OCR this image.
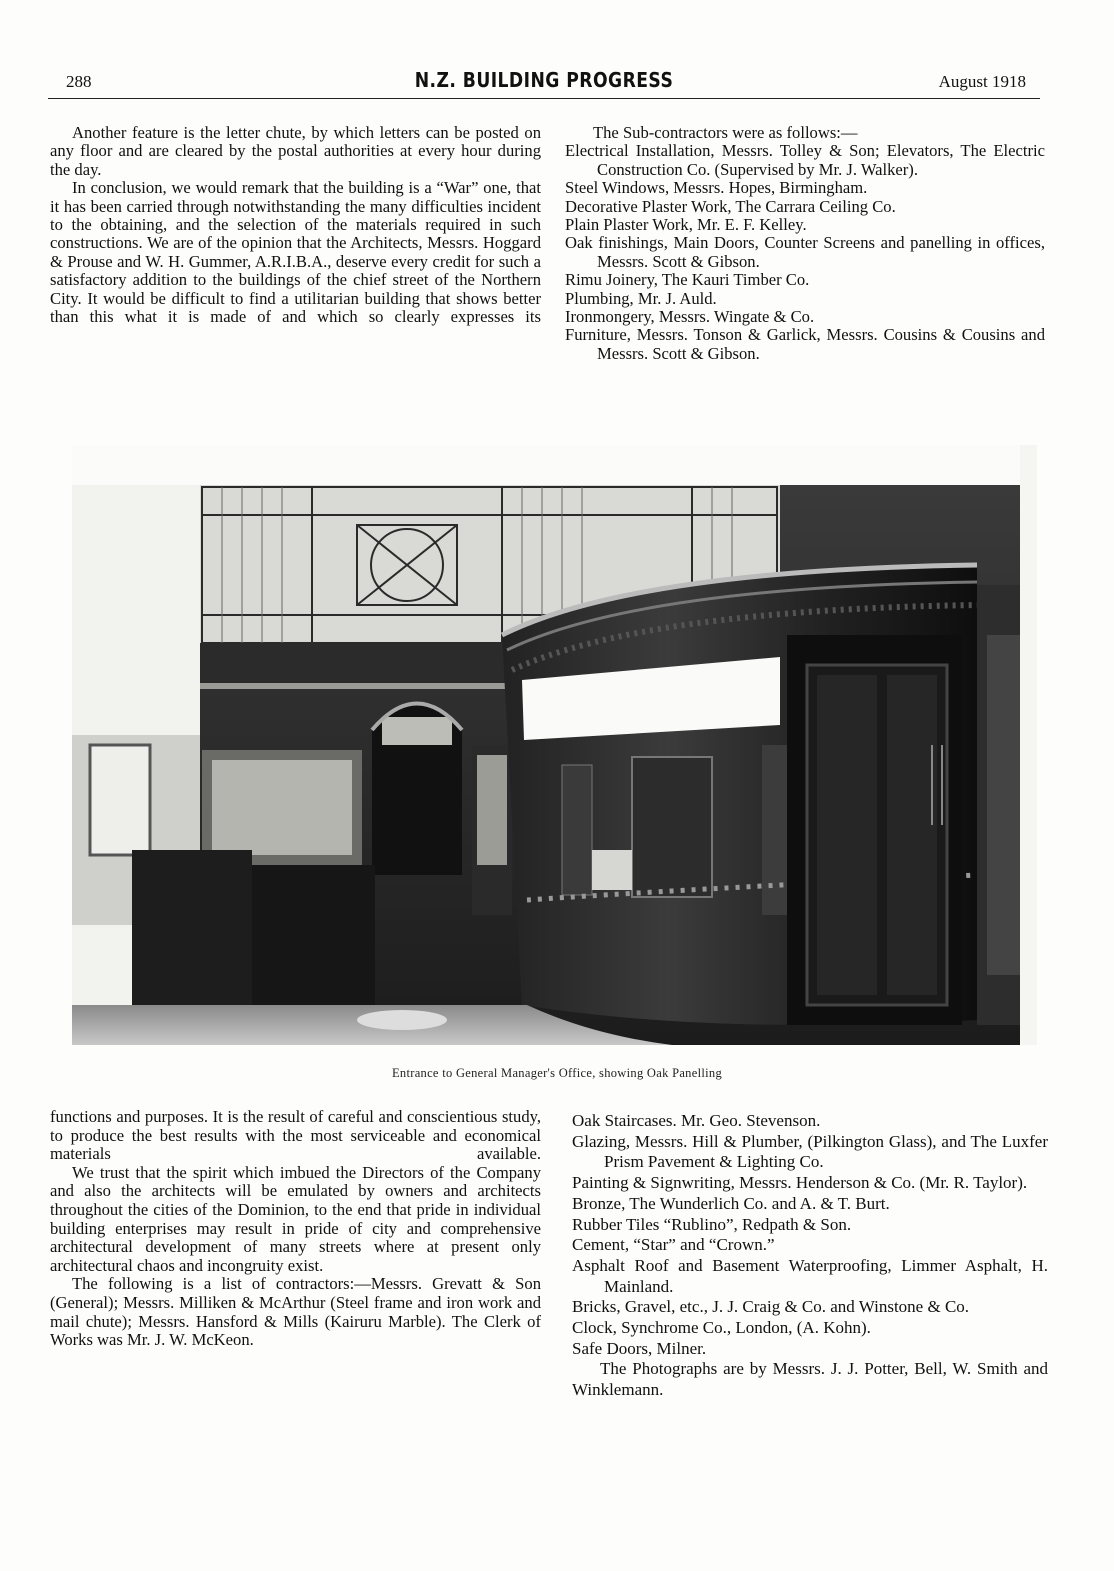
288	N.Z. BUILDING PROGRESS	August 1918

Another feature is the letter chute, by which letters can be posted on any floor and are cleared by the postal authorities at every hour during the day.

In conclusion, we would remark that the building is a “War” one, that it has been carried through notwithstanding the many difficulties incident to the obtaining, and the selection of the materials required in such constructions. We are of the opinion that the Architects, Messrs. Hoggard & Prouse and W. H. Gummer, A.R.I.B.A., deserve every credit for such a satisfactory addition to the buildings of the chief street of the Northern City. It would be difficult to find a utilitarian building that shows better than this what it is made of and which so clearly expresses its

The Sub-contractors were as follows:—

Electrical Installation, Messrs. Tolley & Son; Elevators, The Electric Construction Co. (Supervised by Mr. J. Walker).

Steel Windows, Messrs. Hopes, Birmingham.

Decorative Plaster Work, The Carrara Ceiling Co.

Plain Plaster Work, Mr. E. F. Kelley.

Oak finishings, Main Doors, Counter Screens and panelling in offices, Messrs. Scott & Gibson.

Rimu Joinery, The Kauri Timber Co.

Plumbing, Mr. J. Auld.

Ironmongery, Messrs. Wingate & Co.

Furniture, Messrs. Tonson & Garlick, Messrs. Cousins & Cousins and Messrs. Scott & Gibson.

Entrance to General Manager's Office, showing Oak Panelling

functions and purposes. It is the result of careful and conscientious study, to produce the best results with the most serviceable and economical materials available.

We trust that the spirit which imbued the Directors of the Company and also the architects will be emulated by owners and architects throughout the cities of the Dominion, to the end that pride in individual building enterprises may result in pride of city and comprehensive architectural development of many streets where at present only architectural chaos and incongruity exist.

The following is a list of contractors:—Messrs. Grevatt & Son (General); Messrs. Milliken & McArthur (Steel frame and iron work and mail chute); Messrs. Hansford & Mills (Kairuru Marble). The Clerk of Works was Mr. J. W. McKeon.

Oak Staircases. Mr. Geo. Stevenson.

Glazing, Messrs. Hill & Plumber, (Pilkington Glass), and The Luxfer Prism Pavement & Lighting Co.

Painting & Signwriting, Messrs. Henderson & Co. (Mr. R. Taylor).

Bronze, The Wunderlich Co. and A. & T. Burt.

Rubber Tiles “Rublino”, Redpath & Son.

Cement, “Star” and “Crown.”

Asphalt Roof and Basement Waterproofing, Limmer Asphalt, H. Mainland.

Bricks, Gravel, etc., J. J. Craig & Co. and Winstone & Co.

Clock, Synchrome Co., London, (A. Kohn).

Safe Doors, Milner.

The Photographs are by Messrs. J. J. Potter, Bell, W. Smith and Winklemann.
